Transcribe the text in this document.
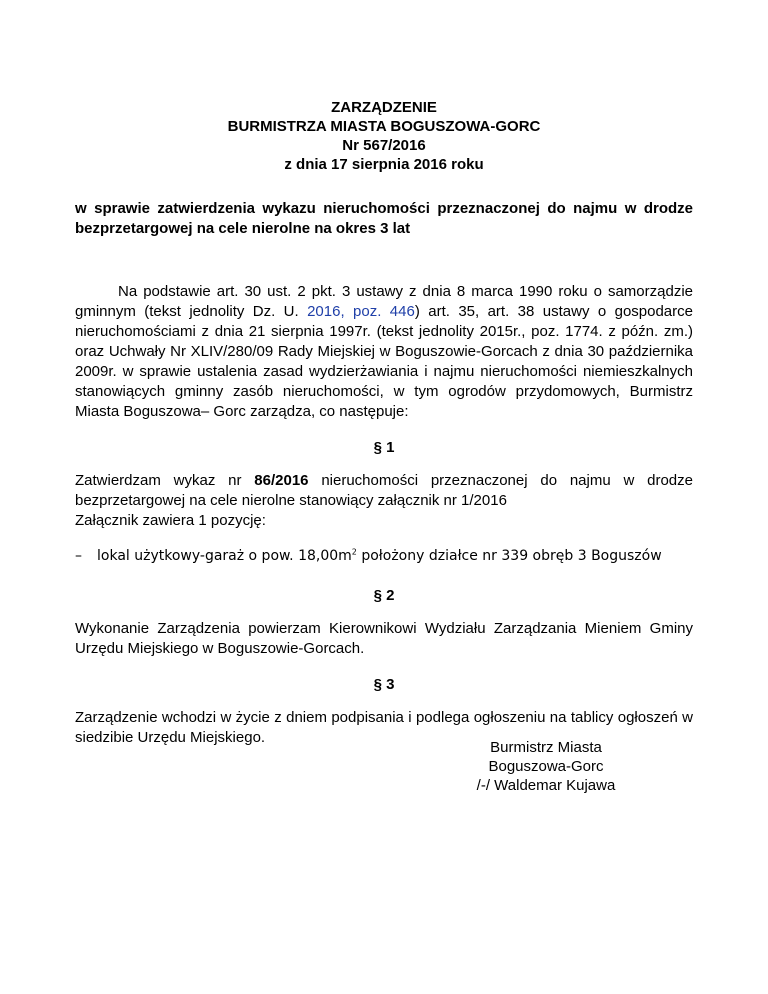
ZARZĄDZENIE
BURMISTRZA MIASTA BOGUSZOWA-GORC
Nr 567/2016
z dnia 17 sierpnia 2016 roku
w sprawie zatwierdzenia wykazu nieruchomości przeznaczonej do najmu w drodze bezprzetargowej na cele nierolne na okres 3 lat

Na podstawie art. 30 ust. 2 pkt. 3 ustawy z dnia 8 marca 1990 roku o samorządzie gminnym (tekst jednolity Dz. U. 2016, poz. 446) art. 35, art. 38 ustawy o gospodarce nieruchomościami z dnia 21 sierpnia 1997r. (tekst jednolity 2015r., poz. 1774. z późn. zm.) oraz Uchwały Nr XLIV/280/09 Rady Miejskiej w Boguszowie-Gorcach z dnia 30 października 2009r. w sprawie ustalenia zasad wydzierżawiania i najmu nieruchomości niemieszkalnych stanowiących gminny zasób nieruchomości, w tym ogrodów przydomowych, Burmistrz Miasta Boguszowa– Gorc zarządza, co następuje:

§ 1

Zatwierdzam wykaz nr 86/2016 nieruchomości przeznaczonej do najmu w drodze bezprzetargowej na cele nierolne stanowiący załącznik nr 1/2016

Załącznik zawiera 1 pozycję:

–	lokal użytkowy-garaż o pow. $18,00m^2$ położony działce nr 339 obręb 3 Boguszów
§ 2

Wykonanie Zarządzenia powierzam Kierownikowi Wydziału Zarządzania Mieniem Gminy Urzędu Miejskiego w Boguszowie-Gorcach.

§ 3

Zarządzenie wchodzi w życie z dniem podpisania i podlega ogłoszeniu na tablicy ogłoszeń w siedzibie Urzędu Miejskiego.

Burmistrz Miasta
Boguszowa-Gorc
/-/ Waldemar Kujawa
